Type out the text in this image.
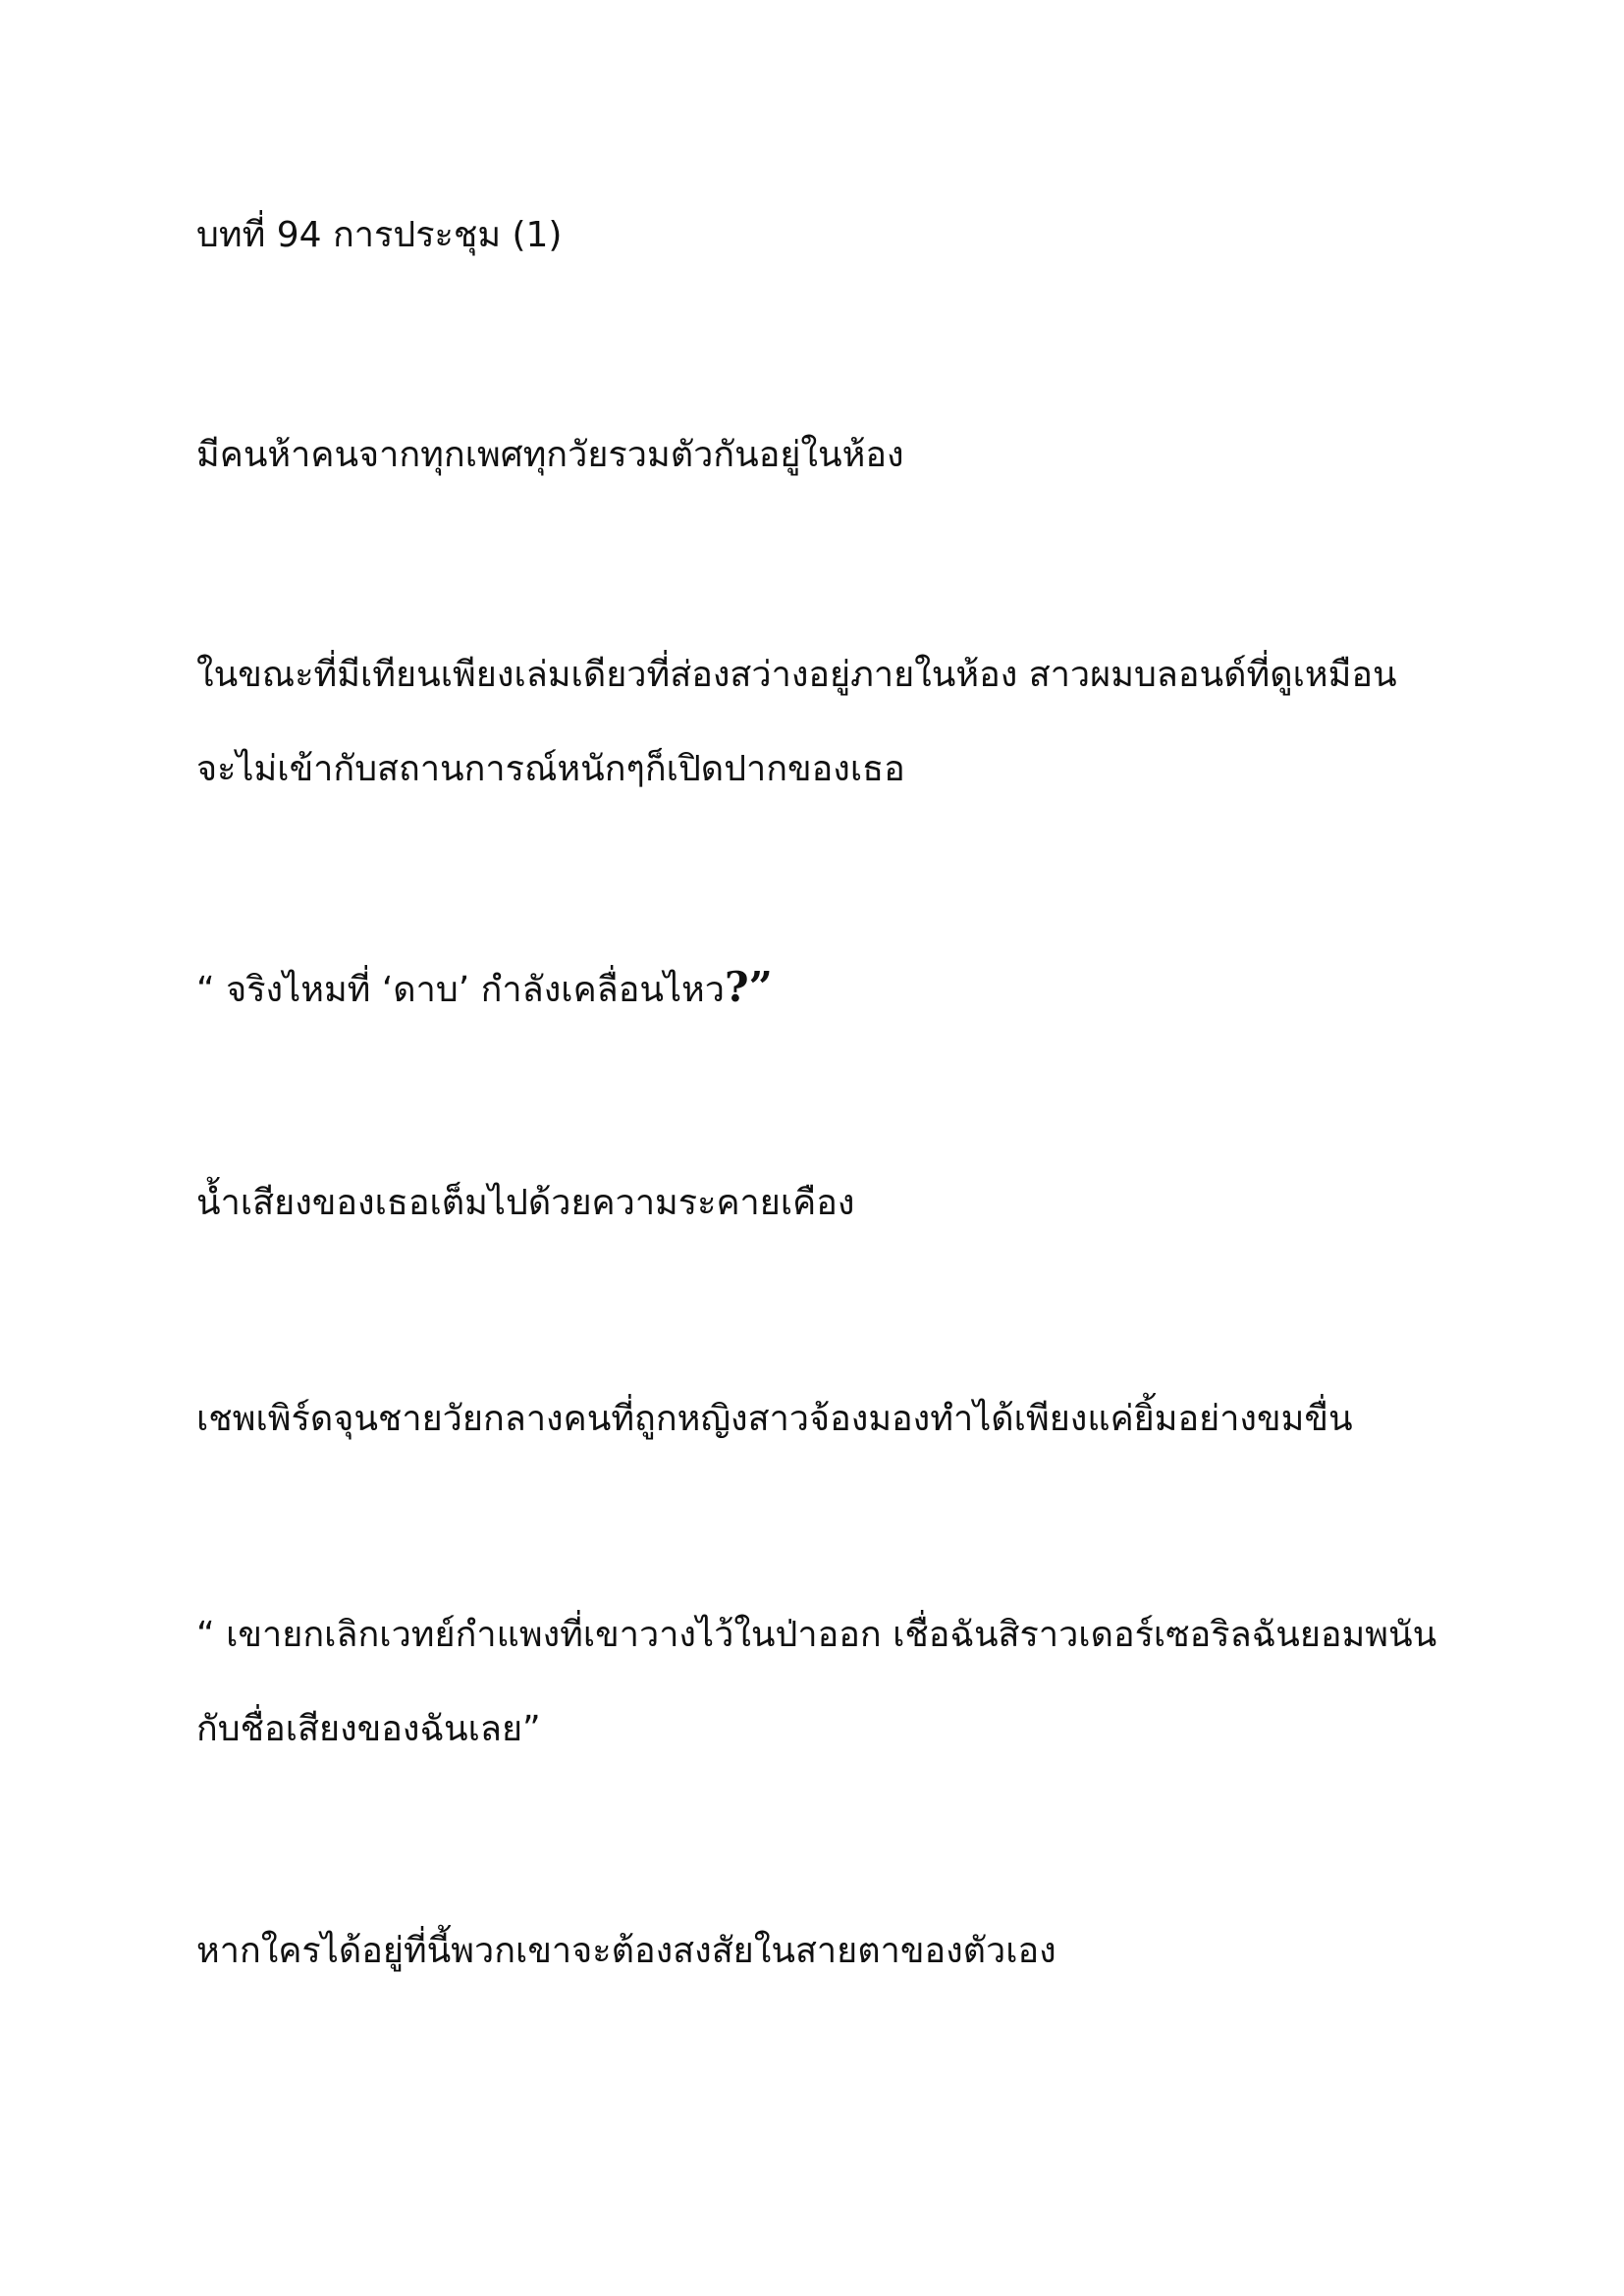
บทที่ 94 การประชุม (1)

มีคนห้าคนจากทุกเพศทุกวัยรวมตัวกันอยู่ในห้อง

ในขณะที่มีเทียนเพียงเล่มเดียวที่ส่องสว่างอยู่ภายในห้อง สาวผมบลอนด์ที่ดูเหมือน
จะไม่เข้ากับสถานการณ์หนักๆก็เปิดปากของเธอ

“ จริงไหมที่ ‘ดาบ’ กำลังเคลื่อนไหว?”

น้ำเสียงของเธอเต็มไปด้วยความระคายเคือง

เชพเพิร์ดจุนชายวัยกลางคนที่ถูกหญิงสาวจ้องมองทำได้เพียงแค่ยิ้มอย่างขมขื่น

“ เขายกเลิกเวทย์กำแพงที่เขาวางไว้ในป่าออก เชื่อฉันสิราวเดอร์เซอริลฉันยอมพนัน
กับชื่อเสียงของฉันเลย”

หากใครได้อยู่ที่นี้พวกเขาจะต้องสงสัยในสายตาของตัวเอง
